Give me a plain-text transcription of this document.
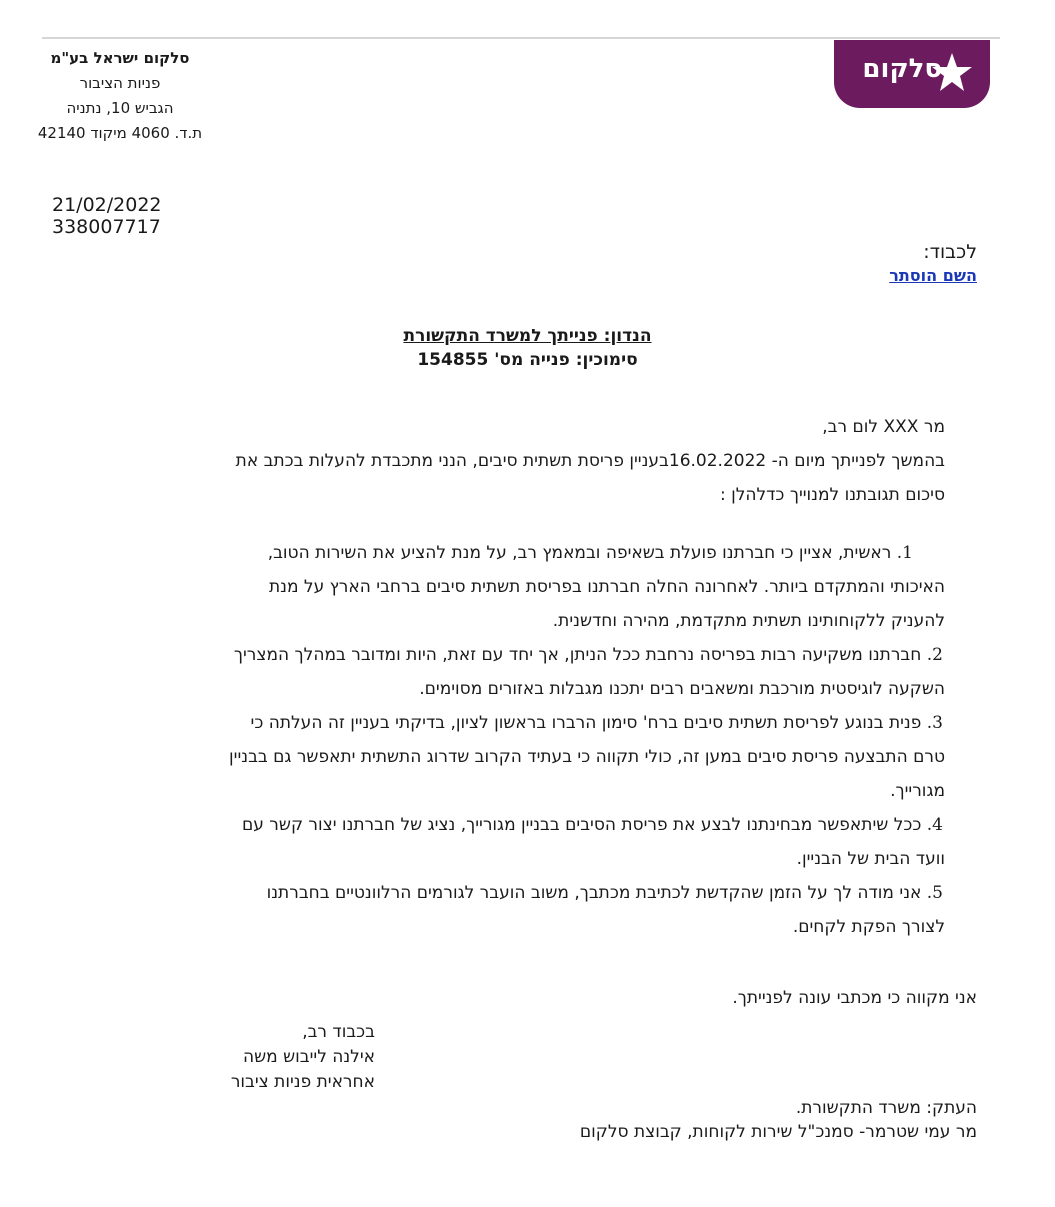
סלקום
סלקום ישראל בע"מ
פניות הציבור
הגביש 10, נתניה
ת.ד. 4060 מיקוד 42140
21/02/2022
338007717
לכבוד:
השם הוסתר
הנדון: פנייתך למשרד התקשורת
סימוכין: פנייה מס' 154855

מר XXX לום רב,

בהמשך לפנייתך מיום ה- 16.02.2022בעניין פריסת תשתית סיבים, הנני מתכבדת להעלות בכתב את

סיכום תגובתנו למנוייך כדלהלן :

1. ראשית, אציין כי חברתנו פועלת בשאיפה ובמאמץ רב, על מנת להציע את השירות הטוב,

האיכותי והמתקדם ביותר. לאחרונה החלה חברתנו בפריסת תשתית סיבים ברחבי הארץ על מנת

להעניק ללקוחותינו תשתית מתקדמת, מהירה וחדשנית.

2. חברתנו משקיעה רבות בפריסה נרחבת ככל הניתן, אך יחד עם זאת, היות ומדובר במהלך המצריך

השקעה לוגיסטית מורכבת ומשאבים רבים יתכנו מגבלות באזורים מסוימים.

3. פנית בנוגע לפריסת תשתית סיבים ברח' סימון הרברו בראשון לציון, בדיקתי בעניין זה העלתה כי

טרם התבצעה פריסת סיבים במען זה, כולי תקווה כי בעתיד הקרוב שדרוג התשתית יתאפשר גם בבניין

מגורייך.

4. ככל שיתאפשר מבחינתנו לבצע את פריסת הסיבים בבניין מגורייך, נציג של חברתנו יצור קשר עם

וועד הבית של הבניין.

5. אני מודה לך על הזמן שהקדשת לכתיבת מכתבך, משוב הועבר לגורמים הרלוונטיים בחברתנו

לצורך הפקת לקחים.

אני מקווה כי מכתבי עונה לפנייתך.
בכבוד רב,
אילנה לייבוש משה
אחראית פניות ציבור
העתק: משרד התקשורת.
מר עמי שטרמר- סמנכ"ל שירות לקוחות, קבוצת סלקום
